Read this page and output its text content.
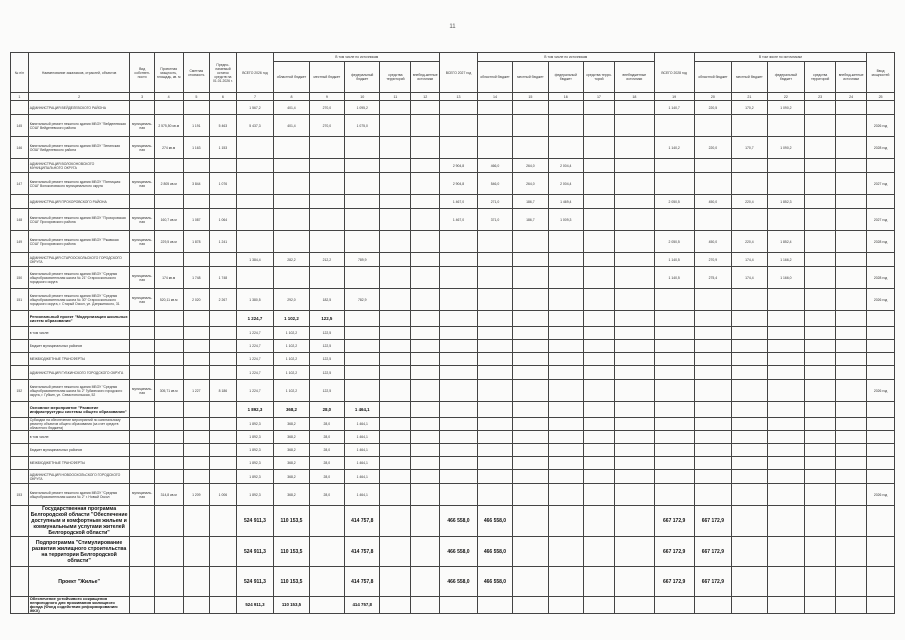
11
№ п/п	Наименование заказчиков, отраслей, объектов	Вид собствен-ности	Проектная мощность, площадь, кв. м	Сметная стоимость	Предпо-лагаемый остаток средств на 01.01.2026 г.	ВСЕГО 2026 год	В том числе по источникам					ВСЕГО 2027 год	В том числе по источникам					ВСЕГО 2028 год	В том числе по источникам					Ввод мощностей
							областной бюджет	местный бюджет	федеральный бюджет	средства территорий	внебюд-жетные источники		областной бюджет	местный бюджет	федеральный бюджет	средства терри-торий	внебюджетные источники		областной бюджет	местный бюджет	федеральный бюджет	средства территорий	внебюд-жетные источники	
1	2	3	4	5	6	7	8	9	10	11	12	13	14	15	16	17	18	19	20	21	22	23	24	25
	АДМИНИСТРАЦИЯ ВЕЙДЕЛЕВСКОГО РАЙОНА					1 567,2	401,4	270,0	1 095,2									1 140,7	220,5	170,2	1 090,2			
145	Капитальный ремонт нежилого здания МБОУ "Вейделевская СОШ" Вейделевского района	муниципаль-ная	2 575,50 кв.м	1 191	5 463	5 437,3	401,4	270,0	1 075,0															2026 год
146	Капитальный ремонт нежилого здания МБОУ "Зенинская ООШ" Вейделевского района	муниципаль-ная	274 кв.м	1 163	1 153													1 140,2	220,0	170,7	1 090,2			2028 год
	АДМИНИСТРАЦИЯ ВОЛОКОНОВСКОГО МУНИЦИПАЛЬНОГО ОКРУГА											2 904,8	466,0	264,0	2 004,4									
147	Капитальный ремонт нежилого здания МБОУ "Пятницкая СОШ" Волоконовского муниципального округа	муниципаль-ная	2 805 кв.м	3 844	1 076							2 904,8	546,0	264,0	2 004,4									2027 год
	АДМИНИСТРАЦИЯ ПРОХОРОВСКОГО РАЙОНА											1 467,0	271,0	186,7	1 469,4			2 050,5	450,0	220,4	1 852,3			
148	Капитальный ремонт нежилого здания МБОУ "Прохоровская СОШ" Прохоровского района	муниципаль-ная	160,7 кв.м	1 087	1 064							1 467,0	371,0	186,7	1 009,3									2027 год
149	Капитальный ремонт нежилого здания МБОУ "Ржавская СОШ" Прохоровского района	муниципаль-ная	229,5 кв.м	1 878	1 241													2 050,5	450,0	220,4	1 852,4			2028 год
	АДМИНИСТРАЦИЯ СТАРООСКОЛЬСКОГО ГОРОДСКОГО ОКРУГА					1 384,4	282,2	212,2	789,9									1 140,5	270,9	174,4	1 166,2			
150	Капитальный ремонт нежилого здания МБОУ "Средняя общеобразовательная школа № 21" Старооскольского городского округа	муниципаль-ная	174 кв.м	1 748	1 748													1 140,5	275,4	174,4	1 166,0			2028 год
151	Капитальный ремонт нежилого здания МБОУ "Средняя общеобразовательная школа № 30" Старооскольского городского округа, г. Старый Оскол, ул. Дзержинского, 31	муниципаль-ная	520,11 кв.м	2 020	2 267	1 380,5	292,0	182,5	782,9															2026 год
	Региональный проект "Модернизация школьных систем образования"					1 224,7	1 102,2	122,5																
	в том числе:					1 224,7	1 102,2	122,5																
	Бюджет муниципальных районов					1 224,7	1 102,2	122,5																
	МЕЖБЮДЖЕТНЫЕ ТРАНСФЕРТЫ					1 224,7	1 102,2	122,5																
	АДМИНИСТРАЦИЯ ГУБКИНСКОГО ГОРОДСКОГО ОКРУГА					1 224,7	1 102,2	122,5																
152	Капитальный ремонт нежилого здания МБОУ "Средняя общеобразовательная школа № 2" Губкинского городского округа, г. Губкин, ул. Севастопольская, 52	муниципаль-ная	305,71 кв.м	1 227	8 186	1 224,7	1 102,2	122,5																2026 год
	Основное мероприятие "Развитие инфраструктуры системы общего образования"					1 892,3	368,2	28,0	1 464,1															
	Субсидии на обеспечение мероприятий по капитальному ремонту объектов общего образования (за счет средств областного бюджета)					1 892,3	368,2	28,0	1 464,1															
	в том числе:					1 892,3	368,2	28,0	1 464,1															
	Бюджет муниципальных районов					1 892,3	368,2	28,0	1 464,1															
	МЕЖБЮДЖЕТНЫЕ ТРАНСФЕРТЫ					1 892,3	368,2	28,0	1 464,1															
	АДМИНИСТРАЦИЯ НОВООСКОЛЬСКОГО ГОРОДСКОГО ОКРУГА					1 892,3	368,2	28,0	1 464,1															
153	Капитальный ремонт нежилого здания МБОУ "Средняя общеобразовательная школа № 2" г. Новый Оскол	муниципаль-ная	314,8 кв.м	1 209	1 006	1 892,3	368,2	28,0	1 464,1															2026 год
	Государственная программа Белгородской области "Обеспечение доступным и комфортным жильем и коммунальными услугами жителей Белгородской области"					524 911,3	110 153,5		414 757,8			466 558,0	466 558,0					667 172,9	667 172,9					
	Подпрограмма "Стимулирование развития жилищного строительства на территории Белгородской области"					524 911,3	110 153,5		414 757,8			466 558,0	466 558,0					667 172,9	667 172,9					
	Проект "Жилье"					524 911,3	110 153,5		414 757,8			466 558,0	466 558,0					667 172,9	667 172,9					
	Обеспечение устойчивого сокращения непригодного для проживания жилищного фонда (Фонд содействия реформированию ЖКХ)					524 911,3	110 153,5		414 757,8															
